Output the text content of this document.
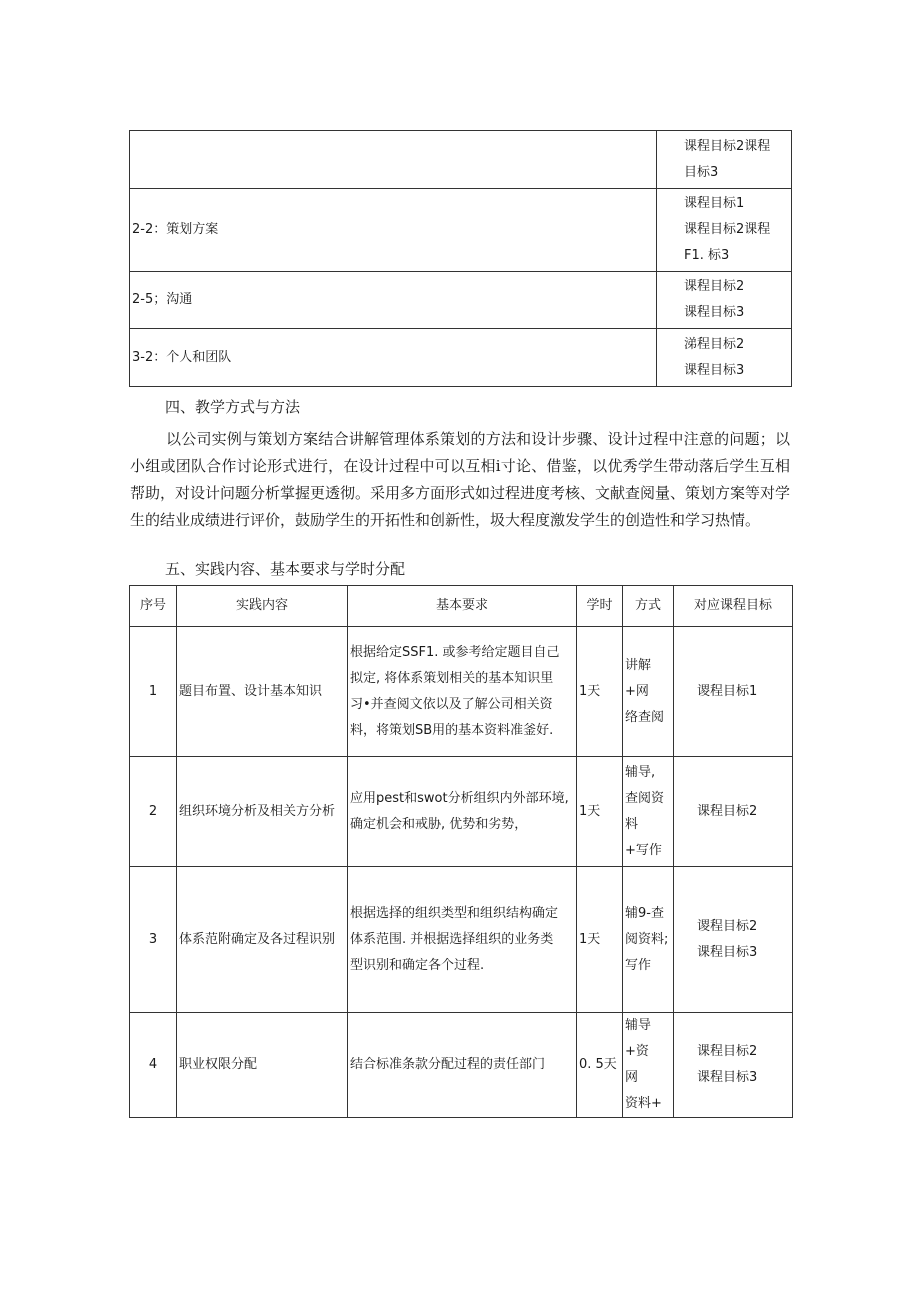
	课程目标2课程
目标3

2-2：策划方案	课程目标1
课程目标2课程
F1. 标3

2-5；沟通	课程目标2
课程目标3

3-2：个人和团队	涕程目标2
课程目标3
四、教学方式与方法

以公司实例与策划方案结合讲解管理体系策划的方法和设计步骤、设计过程中注意的问题；以小组或团队合作讨论形式进行，在设计过程中可以互相i寸论、借鉴，以优秀学生带动落后学生互相帮助，对设计问题分析掌握更透彻。采用多方面形式如过程进度考核、文献查阅量、策划方案等对学生的结业成绩进行评价，鼓励学生的开拓性和创新性，圾大程度激发学生的创造性和学习热情。

五、实践内容、基本要求与学时分配
序号	实践内容	基本要求	学时	方式	对应课程目标
1	题目布置、设计基本知识	根据给定SSF1. 或参考给定题目自己
拟定, 将体系策划相关的基本知识里
习•并查阅文依以及了解公司相关资
料，将策划SB用的基本资料准釜好.	1天	讲解+网
络查阅	谡程目标1

2	组织环境分析及相关方分析	应用pest和swot分析组织内外部环境,
确定机会和戒胁, 优势和劣势，	1天	辅导,
查阅资料
+写作	课程目标2

3	体系范附确定及各过程识别	根据选择的组织类型和组织结构确定
体系范围. 并根据选择组织的业务类
型识别和确定各个过程.	1天	辅9-查
阅资料;
写作	谡程目标2
课程目标3

4	职业权限分配	结合标准条款分配过程的责任部门	0. 5天	辅导+资
网
资料+	课程目标2
课程目标3
